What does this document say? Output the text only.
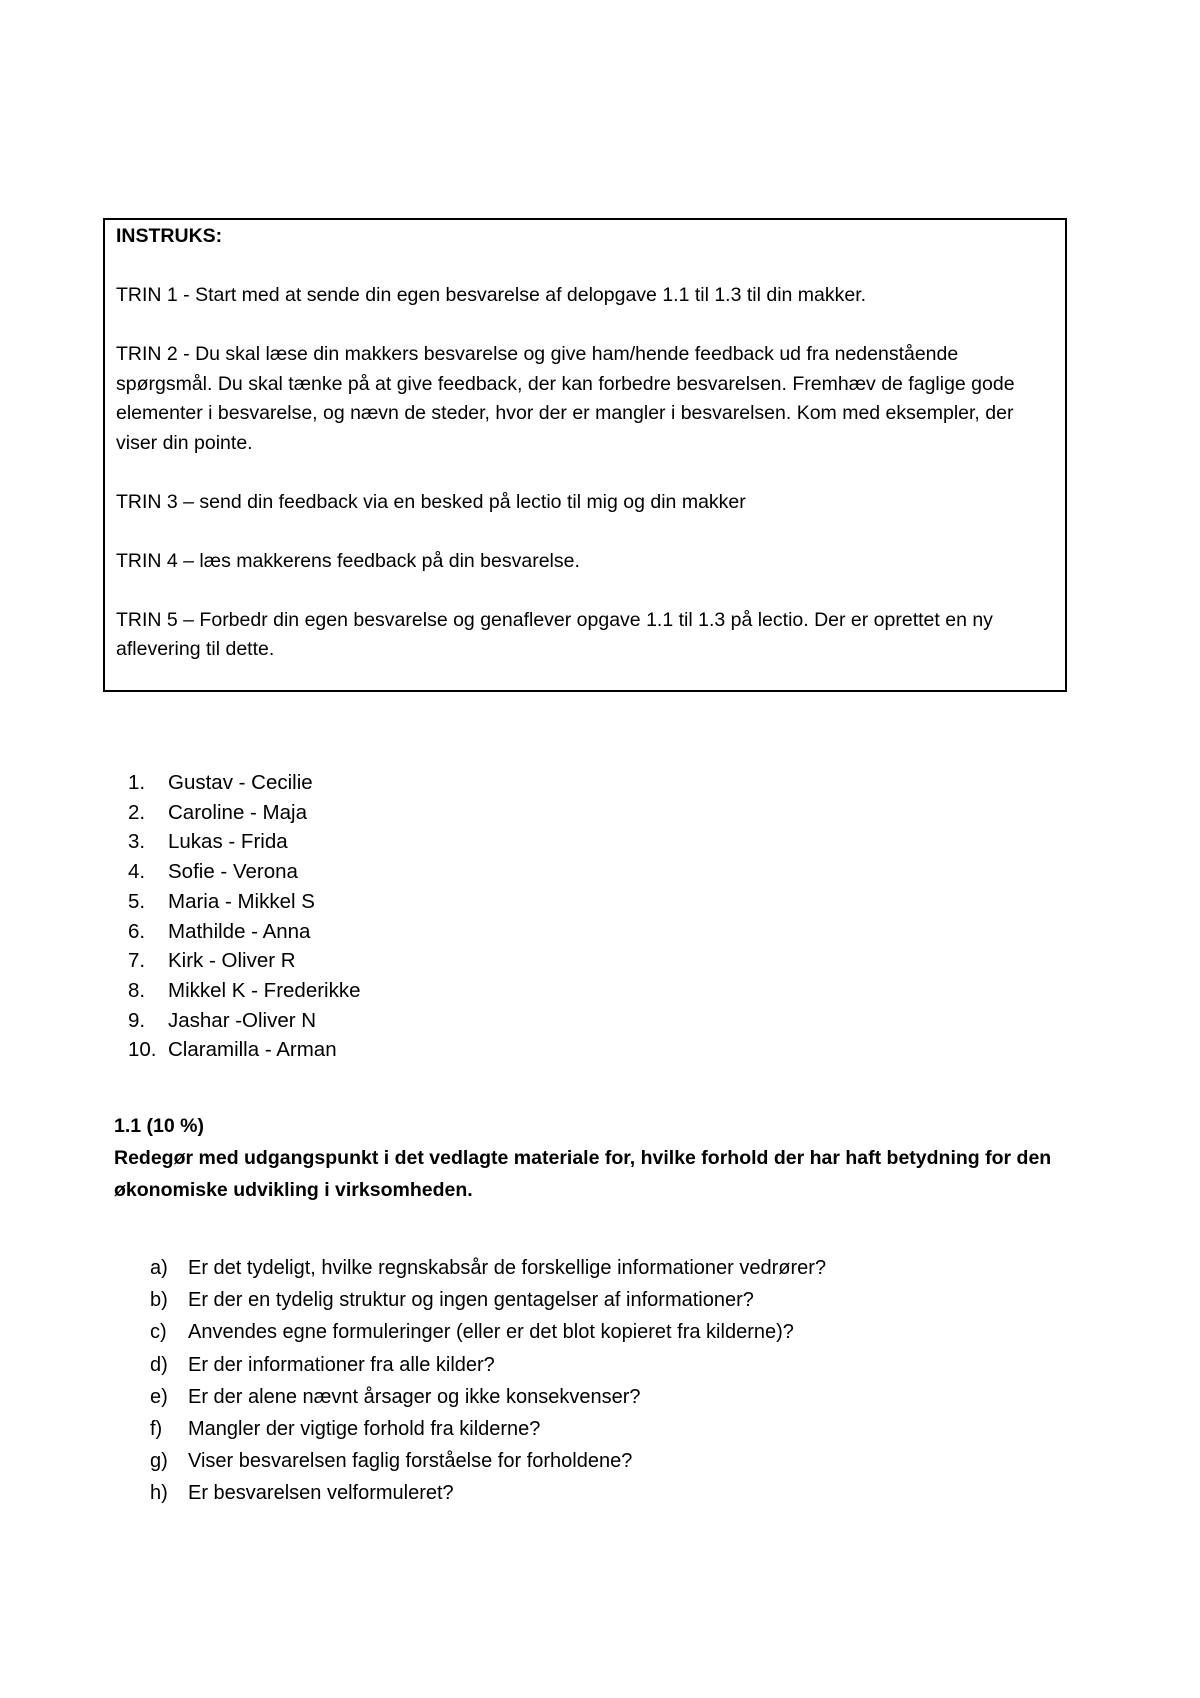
INSTRUKS:

TRIN 1 - Start med at sende din egen besvarelse af delopgave 1.1 til 1.3 til din makker.

TRIN 2 - Du skal læse din makkers besvarelse og give ham/hende feedback ud fra nedenstående spørgsmål. Du skal tænke på at give feedback, der kan forbedre besvarelsen. Fremhæv de faglige gode elementer i besvarelse, og nævn de steder, hvor der er mangler i besvarelsen. Kom med eksempler, der viser din pointe.

TRIN 3 – send din feedback via en besked på lectio til mig og din makker

TRIN 4 – læs makkerens feedback på din besvarelse.

TRIN 5 – Forbedr din egen besvarelse og genaflever opgave 1.1 til 1.3 på lectio. Der er oprettet en ny aflevering til dette.

1.	Gustav - Cecilie
2.	Caroline - Maja
3.	Lukas - Frida
4.	Sofie - Verona
5.	Maria - Mikkel S
6.	Mathilde - Anna
7.	Kirk - Oliver R
8.	Mikkel K - Frederikke
9.	Jashar -Oliver N
10. Claramilla - Arman

1.1 (10 %)

Redegør med udgangspunkt i det vedlagte materiale for, hvilke forhold der har haft betydning for den økonomiske udvikling i virksomheden.

a)	Er det tydeligt, hvilke regnskabsår de forskellige informationer vedrører?
b)	Er der en tydelig struktur og ingen gentagelser af informationer?
c)	Anvendes egne formuleringer (eller er det blot kopieret fra kilderne)?
d)	Er der informationer fra alle kilder?
e)	Er der alene nævnt årsager og ikke konsekvenser?
f)	Mangler der vigtige forhold fra kilderne?
g)	Viser besvarelsen faglig forståelse for forholdene?
h)	Er besvarelsen velformuleret?
